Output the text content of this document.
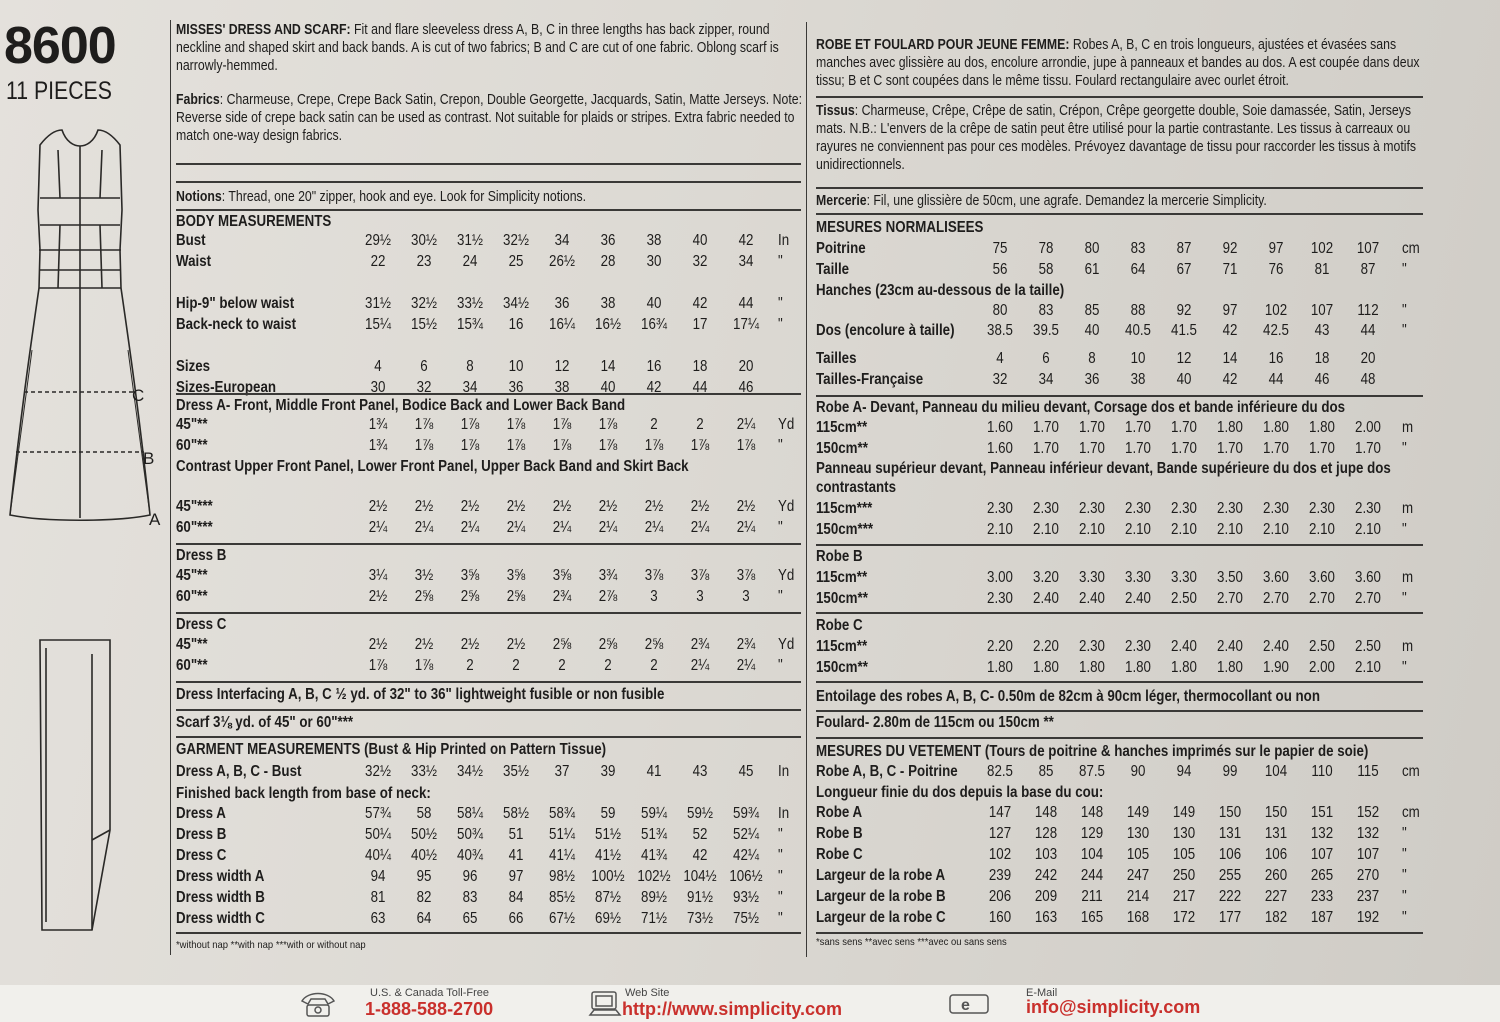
8600
11 PIECES
C
B
A
MISSES' DRESS AND SCARF: Fit and flare sleeveless dress A, B, C in three lengths has back zipper, round neckline and shaped skirt and back bands. A is cut of two fabrics; B and C are cut of one fabric. Oblong scarf is narrowly-hemmed.
Fabrics: Charmeuse, Crepe, Crepe Back Satin, Crepon, Double Georgette, Jacquards, Satin, Matte Jerseys. Note: Reverse side of crepe back satin can be used as contrast. Not suitable for plaids or stripes. Extra fabric needed to match one-way design fabrics.
Notions: Thread, one 20" zipper, hook and eye. Look for Simplicity notions.
BODY MEASUREMENTS
Bust	29½ 30½ 31½ 32½ 34 36 38 40 42 In
Waist	22 23 24 25 26½ 28 30 32 34 "
Hip-9" below waist	31½ 32½ 33½ 34½ 36 38 40 42 44 "
Back-neck to waist	15¼ 15½ 15¾ 16 16¼ 16½ 16¾ 17 17¼ "
Sizes	4 6 8 10 12 14 16 18 20
Sizes-European	30 32 34 36 38 40 42 44 46
Dress A- Front, Middle Front Panel, Bodice Back and Lower Back Band
45"**	1¾ 1⅞ 1⅞ 1⅞ 1⅞ 1⅞ 2 2 2¼ Yd
60"**	1¾ 1⅞ 1⅞ 1⅞ 1⅞ 1⅞ 1⅞ 1⅞ 1⅞ "
Contrast Upper Front Panel, Lower Front Panel, Upper Back Band and Skirt Back
45"***	2½ 2½ 2½ 2½ 2½ 2½ 2½ 2½ 2½ Yd
60"***	2¼ 2¼ 2¼ 2¼ 2¼ 2¼ 2¼ 2¼ 2¼ "
Dress B
45"**	3¼ 3½ 3⅝ 3⅝ 3⅝ 3¾ 3⅞ 3⅞ 3⅞ Yd
60"**	2½ 2⅝ 2⅝ 2⅝ 2¾ 2⅞ 3 3 3 "
Dress C
45"**	2½ 2½ 2½ 2½ 2⅝ 2⅝ 2⅝ 2¾ 2¾ Yd
60"**	1⅞ 1⅞ 2 2 2 2 2 2¼ 2¼ "
Dress Interfacing A, B, C ½ yd. of 32" to 36" lightweight fusible or non fusible
Scarf 3⅛ yd. of 45" or 60"***
GARMENT MEASUREMENTS (Bust & Hip Printed on Pattern Tissue)
Dress A, B, C - Bust	32½ 33½ 34½ 35½ 37 39 41 43 45 In
Finished back length from base of neck:
Dress A	57¾ 58 58¼ 58½ 58¾ 59 59¼ 59½ 59¾ In
Dress B	50¼ 50½ 50¾ 51 51¼ 51½ 51¾ 52 52¼ "
Dress C	40¼ 40½ 40¾ 41 41¼ 41½ 41¾ 42 42¼ "
Dress width A	94 95 96 97 98½ 100½ 102½ 104½ 106½ "
Dress width B	81 82 83 84 85½ 87½ 89½ 91½ 93½ "
Dress width C	63 64 65 66 67½ 69½ 71½ 73½ 75½ "
*without nap **with nap ***with or without nap
ROBE ET FOULARD POUR JEUNE FEMME: Robes A, B, C en trois longueurs, ajustées et évasées sans manches avec glissière au dos, encolure arrondie, jupe à panneaux et bandes au dos. A est coupée dans deux tissu; B et C sont coupées dans le même tissu. Foulard rectangulaire avec ourlet étroit.
Tissus: Charmeuse, Crêpe, Crêpe de satin, Crépon, Crêpe georgette double, Soie damassée, Satin, Jerseys mats. N.B.: L'envers de la crêpe de satin peut être utilisé pour la partie contrastante. Les tissus à carreaux ou rayures ne conviennent pas pour ces modèles. Prévoyez davantage de tissu pour raccorder les tissus à motifs unidirectionnels.
Mercerie: Fil, une glissière de 50cm, une agrafe. Demandez la mercerie Simplicity.
MESURES NORMALISEES
Poitrine	75 78 80 83 87 92 97 102 107 cm
Taille	56 58 61 64 67 71 76 81 87 "
Hanches (23cm au-dessous de la taille)
80 83 85 88 92 97 102 107 112 "
Dos (encolure à taille) 38.5 39.5 40 40.5 41.5 42 42.5 43 44 "
Tailles	4 6 8 10 12 14 16 18 20
Tailles-Française	32 34 36 38 40 42 44 46 48
Robe A- Devant, Panneau du milieu devant, Corsage dos et bande inférieure du dos
115cm**	1.60 1.70 1.70 1.70 1.70 1.80 1.80 1.80 2.00 m
150cm**	1.60 1.70 1.70 1.70 1.70 1.70 1.70 1.70 1.70 "
Panneau supérieur devant, Panneau inférieur devant, Bande supérieure du dos et jupe dos
contrastants
115cm***	2.30 2.30 2.30 2.30 2.30 2.30 2.30 2.30 2.30 m
150cm***	2.10 2.10 2.10 2.10 2.10 2.10 2.10 2.10 2.10 "
Robe B
115cm**	3.00 3.20 3.30 3.30 3.30 3.50 3.60 3.60 3.60 m
150cm**	2.30 2.40 2.40 2.40 2.50 2.70 2.70 2.70 2.70 "
Robe C
115cm**	2.20 2.20 2.30 2.30 2.40 2.40 2.40 2.50 2.50 m
150cm**	1.80 1.80 1.80 1.80 1.80 1.80 1.90 2.00 2.10 "
Entoilage des robes A, B, C- 0.50m de 82cm à 90cm léger, thermocollant ou non
Foulard- 2.80m de 115cm ou 150cm **
MESURES DU VETEMENT (Tours de poitrine & hanches imprimés sur le papier de soie)
Robe A, B, C - Poitrine 82.5 85 87.5 90 94 99 104 110 115 cm
Longueur finie du dos depuis la base du cou:
Robe A	147 148 148 149 149 150 150 151 152 cm
Robe B	127 128 129 130 130 131 131 132 132 "
Robe C	102 103 104 105 105 106 106 107 107 "
Largeur de la robe A	239 242 244 247 250 255 260 265 270 "
Largeur de la robe B	206 209 211 214 217 222 227 233 237 "
Largeur de la robe C	160 163 165 168 172 177 182 187 192 "
*sans sens **avec sens ***avec ou sans sens
U.S. & Canada Toll-Free
1-888-588-2700
Web Site
http://www.simplicity.com	e
E-Mail
info@simplicity.com
